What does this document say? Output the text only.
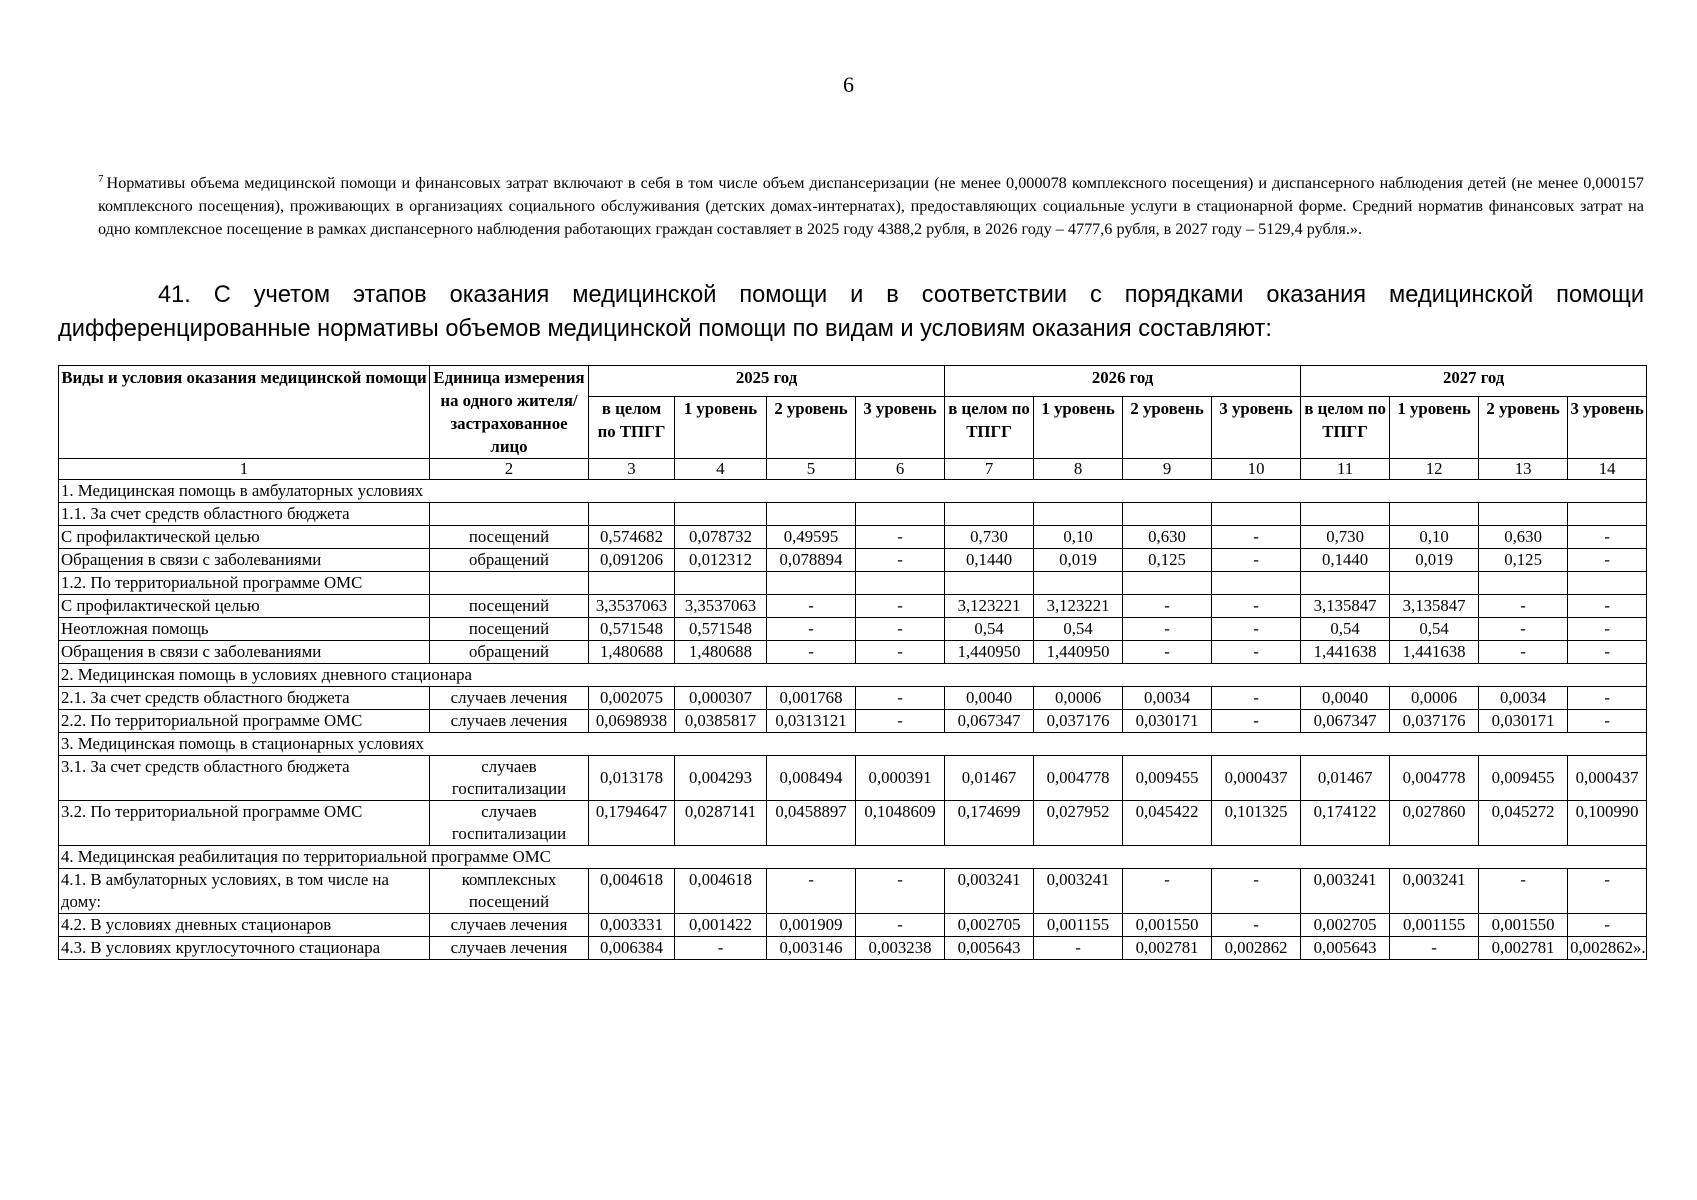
6
$^7$ Нормативы объема медицинской помощи и финансовых затрат включают в себя в том числе объем диспансеризации (не менее 0,000078 комплексного посещения) и диспансерного наблюдения детей (не менее 0,000157 комплексного посещения), проживающих в организациях социального обслуживания (детских домах-интернатах), предоставляющих социальные услуги в стационарной форме. Средний норматив финансовых затрат на одно комплексное посещение в рамках диспансерного наблюдения работающих граждан составляет в 2025 году 4388,2 рубля, в 2026 году – 4777,6 рубля, в 2027 году – 5129,4 рубля.».
41. С учетом этапов оказания медицинской помощи и в соответствии с порядками оказания медицинской помощи дифференцированные нормативы объемов медицинской помощи по видам и условиям оказания составляют:
Виды и условия оказания медицинской помощи	Единица измерения на одного жителя/ застрахованное лицо	2025 год				2026 год				2027 год			
		в целом по ТПГГ	1 уровень	2 уровень	3 уровень	в целом по ТПГГ	1 уровень	2 уровень	3 уровень	в целом по ТПГГ	1 уровень	2 уровень	3 уровень
1	2	3	4	5	6	7	8	9	10	11	12	13	14
1. Медицинская помощь в амбулаторных условиях													
1.1. За счет средств областного бюджета													
С профилактической целью	посещений	0,574682	0,078732	0,49595	-	0,730	0,10	0,630	-	0,730	0,10	0,630	-
Обращения в связи с заболеваниями	обращений	0,091206	0,012312	0,078894	-	0,1440	0,019	0,125	-	0,1440	0,019	0,125	-
1.2. По территориальной программе ОМС													
С профилактической целью	посещений	3,3537063	3,3537063	-	-	3,123221	3,123221	-	-	3,135847	3,135847	-	-
Неотложная помощь	посещений	0,571548	0,571548	-	-	0,54	0,54	-	-	0,54	0,54	-	-
Обращения в связи с заболеваниями	обращений	1,480688	1,480688	-	-	1,440950	1,440950	-	-	1,441638	1,441638	-	-
2. Медицинская помощь в условиях дневного стационара													
2.1. За счет средств областного бюджета	случаев лечения	0,002075	0,000307	0,001768	-	0,0040	0,0006	0,0034	-	0,0040	0,0006	0,0034	-
2.2. По территориальной программе ОМС	случаев лечения	0,0698938	0,0385817	0,0313121	-	0,067347	0,037176	0,030171	-	0,067347	0,037176	0,030171	-
3. Медицинская помощь в стационарных условиях													
3.1. За счет средств областного бюджета	случаев госпитализации	0,013178	0,004293	0,008494	0,000391	0,01467	0,004778	0,009455	0,000437	0,01467	0,004778	0,009455	0,000437
3.2. По территориальной программе ОМС	случаев госпитализации	0,1794647	0,0287141	0,0458897	0,1048609	0,174699	0,027952	0,045422	0,101325	0,174122	0,027860	0,045272	0,100990
4. Медицинская реабилитация по территориальной программе ОМС													
4.1. В амбулаторных условиях, в том числе на дому:	комплексных посещений	0,004618	0,004618	-	-	0,003241	0,003241	-	-	0,003241	0,003241	-	-
4.2. В условиях дневных стационаров	случаев лечения	0,003331	0,001422	0,001909	-	0,002705	0,001155	0,001550	-	0,002705	0,001155	0,001550	-
4.3. В условиях круглосуточного стационара	случаев лечения	0,006384	-	0,003146	0,003238	0,005643	-	0,002781	0,002862	0,005643	-	0,002781	0,002862».
